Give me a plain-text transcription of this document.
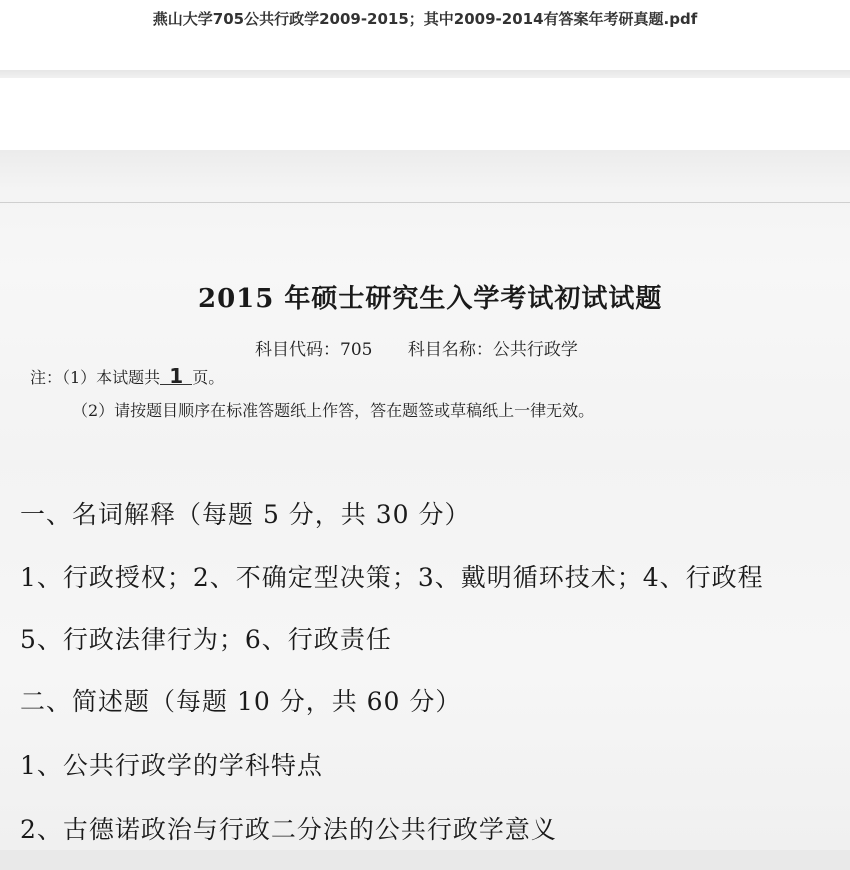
燕山大学705公共行政学2009-2015；其中2009-2014有答案年考研真题.pdf
2015 年硕士研究生入学考试初试试题
科目代码：705 科目名称：公共行政学
注：（1）本试题共 1 页。
（2）请按题目顺序在标准答题纸上作答，答在题签或草稿纸上一律无效。
一、名词解释（每题 5 分，共 30 分）
1、行政授权；2、不确定型决策；3、戴明循环技术；4、行政程
5、行政法律行为；6、行政责任
二、简述题（每题 10 分，共 60 分）
1、公共行政学的学科特点
2、古德诺政治与行政二分法的公共行政学意义
